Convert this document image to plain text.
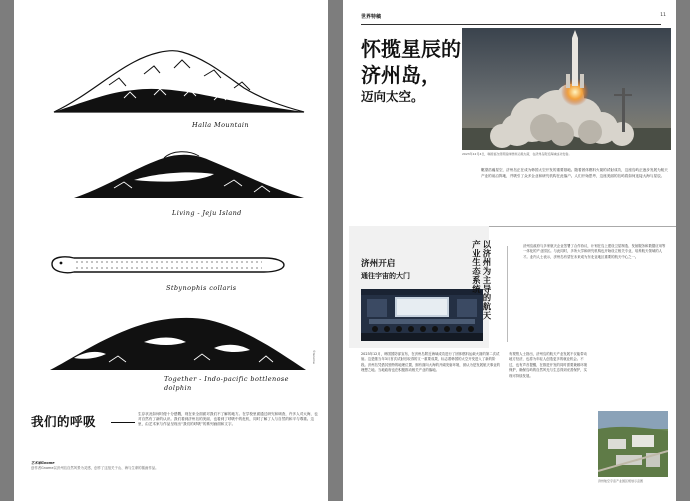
Halla Mountain
Living - Jeju Island
Stbynophis collaris
Together - Indo-pacific bottlenose dolphin
©Gnome
我们的呼吸	生存状况如何时便十分感慨，现在来全面面对我们不了解的地方。在学校里面通过研究和调查，许多人对大海，也对自然有了新的认识。我们看到济州岛的美丽，也看到了呼吸中的危机，同时了解了人与自然的和平与尊重。这里，由艺术家与作品呈现出“我们的呼吸”的系列画面和文字。
艺术家Gnome
创作者Gnome以济州岛自然风景为灵感，创作了这组关于山、海与生命的插画作品。
世界特稿	11
怀揽星辰的
济州岛，
迈向太空。
2023年12月4日，韩国首次使用固体燃料运载火箭，在济州岛附近海域成功发射。
眺望浩瀚星空，济州岛正在成为韩国太空开发的重要基地。随着固体燃料火箭的试射成功，这座岛屿正逐步发展为航天产业的前沿阵地，并吸引了众多企业和研究机构在此落户。人们开始思考，这座美丽的岛屿将如何连接大海与星辰。
济州开启
通往宇宙的大门	以济州为主导的航天
产业生态系统	济州岛政府与多家航天企业签署了合作协议，计划在岛上建设卫星制造、发射服务和数据应用等一体化的产业园区。与此同时，多所大学和研究机构也开始设立相关专业，培养航天领域的人才。业内人士表示，济州岛有望在未来成为东北亚地区重要的航天中心之一。
2023年12月，韩国国防部宣布，在济州岛附近海域成功进行了固体燃料运载火箭的第二次试射。这是继当年3月首次试射后取得的又一重要成果，标志着韩国的太空开发进入了新的阶段。济州岛凭借其独特的地理位置，拥有面向大海的开阔发射环境，被认为是发展航天事业的理想之地。当地政府也在积极推动相关产业的落地。
有观察人士指出，济州岛的航天产业发展不仅能带动地方经济，也将为年轻人创造更多的就业机会。不过，也有声音提醒，在推进开发的同时需要兼顾环境保护，确保岛屿的自然风光与生态得到妥善保护，实现可持续发展。
济州航空宇宙产业园区规划示意图
